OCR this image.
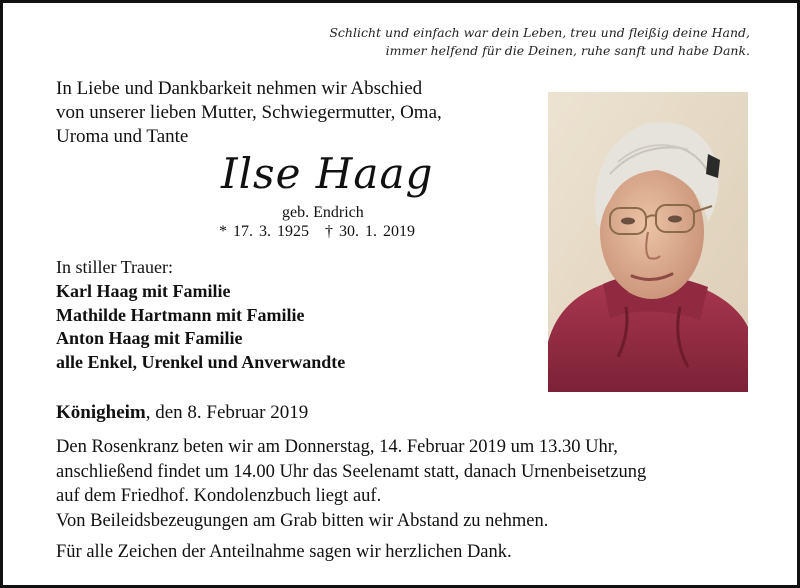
Schlicht und einfach war dein Leben, treu und fleißig deine Hand,
immer helfend für die Deinen, ruhe sanft und habe Dank.
In Liebe und Dankbarkeit nehmen wir Abschied
von unserer lieben Mutter, Schwiegermutter, Oma,
Uroma und Tante
Ilse Haag
geb. Endrich
* 17. 3. 1925 † 30. 1. 2019
In stiller Trauer:
Karl Haag mit Familie
Mathilde Hartmann mit Familie
Anton Haag mit Familie
alle Enkel, Urenkel und Anverwandte
Königheim, den 8. Februar 2019
Den Rosenkranz beten wir am Donnerstag, 14. Februar 2019 um 13.30 Uhr,
anschließend findet um 14.00 Uhr das Seelenamt statt, danach Urnenbeisetzung
auf dem Friedhof. Kondolenzbuch liegt auf.
Von Beileidsbezeugungen am Grab bitten wir Abstand zu nehmen.
Für alle Zeichen der Anteilnahme sagen wir herzlichen Dank.
